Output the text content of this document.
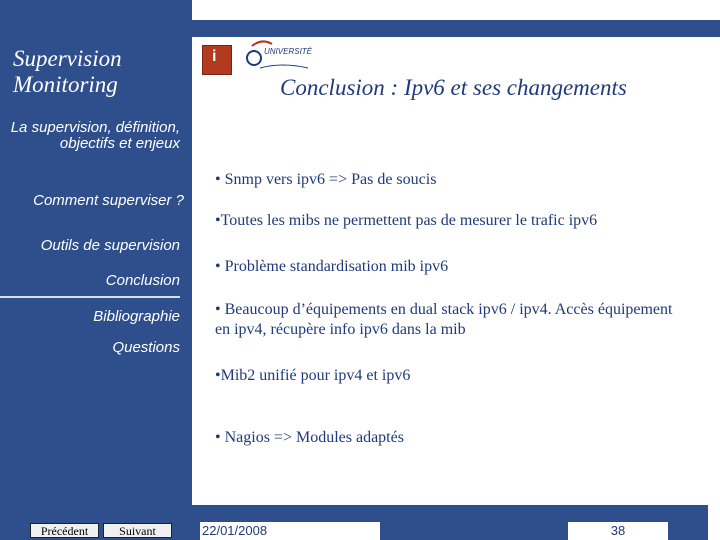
Supervision
Monitoring
La supervision, définition, objectifs et enjeux
Comment superviser ?
Outils de supervision
Conclusion
Bibliographie
Questions
i	UNIVERSITÉ
Conclusion : Ipv6 et ses changements
• Snmp vers ipv6 => Pas de soucis
•Toutes les mibs ne permettent pas de mesurer le trafic ipv6
• Problème standardisation mib ipv6
• Beaucoup d’équipements en dual stack ipv6 / ipv4. Accès équipement en ipv4, récupère info ipv6 dans la mib
•Mib2 unifié pour ipv4 et ipv6
• Nagios => Modules adaptés
Précédent	Suivant	22/01/2008	38
